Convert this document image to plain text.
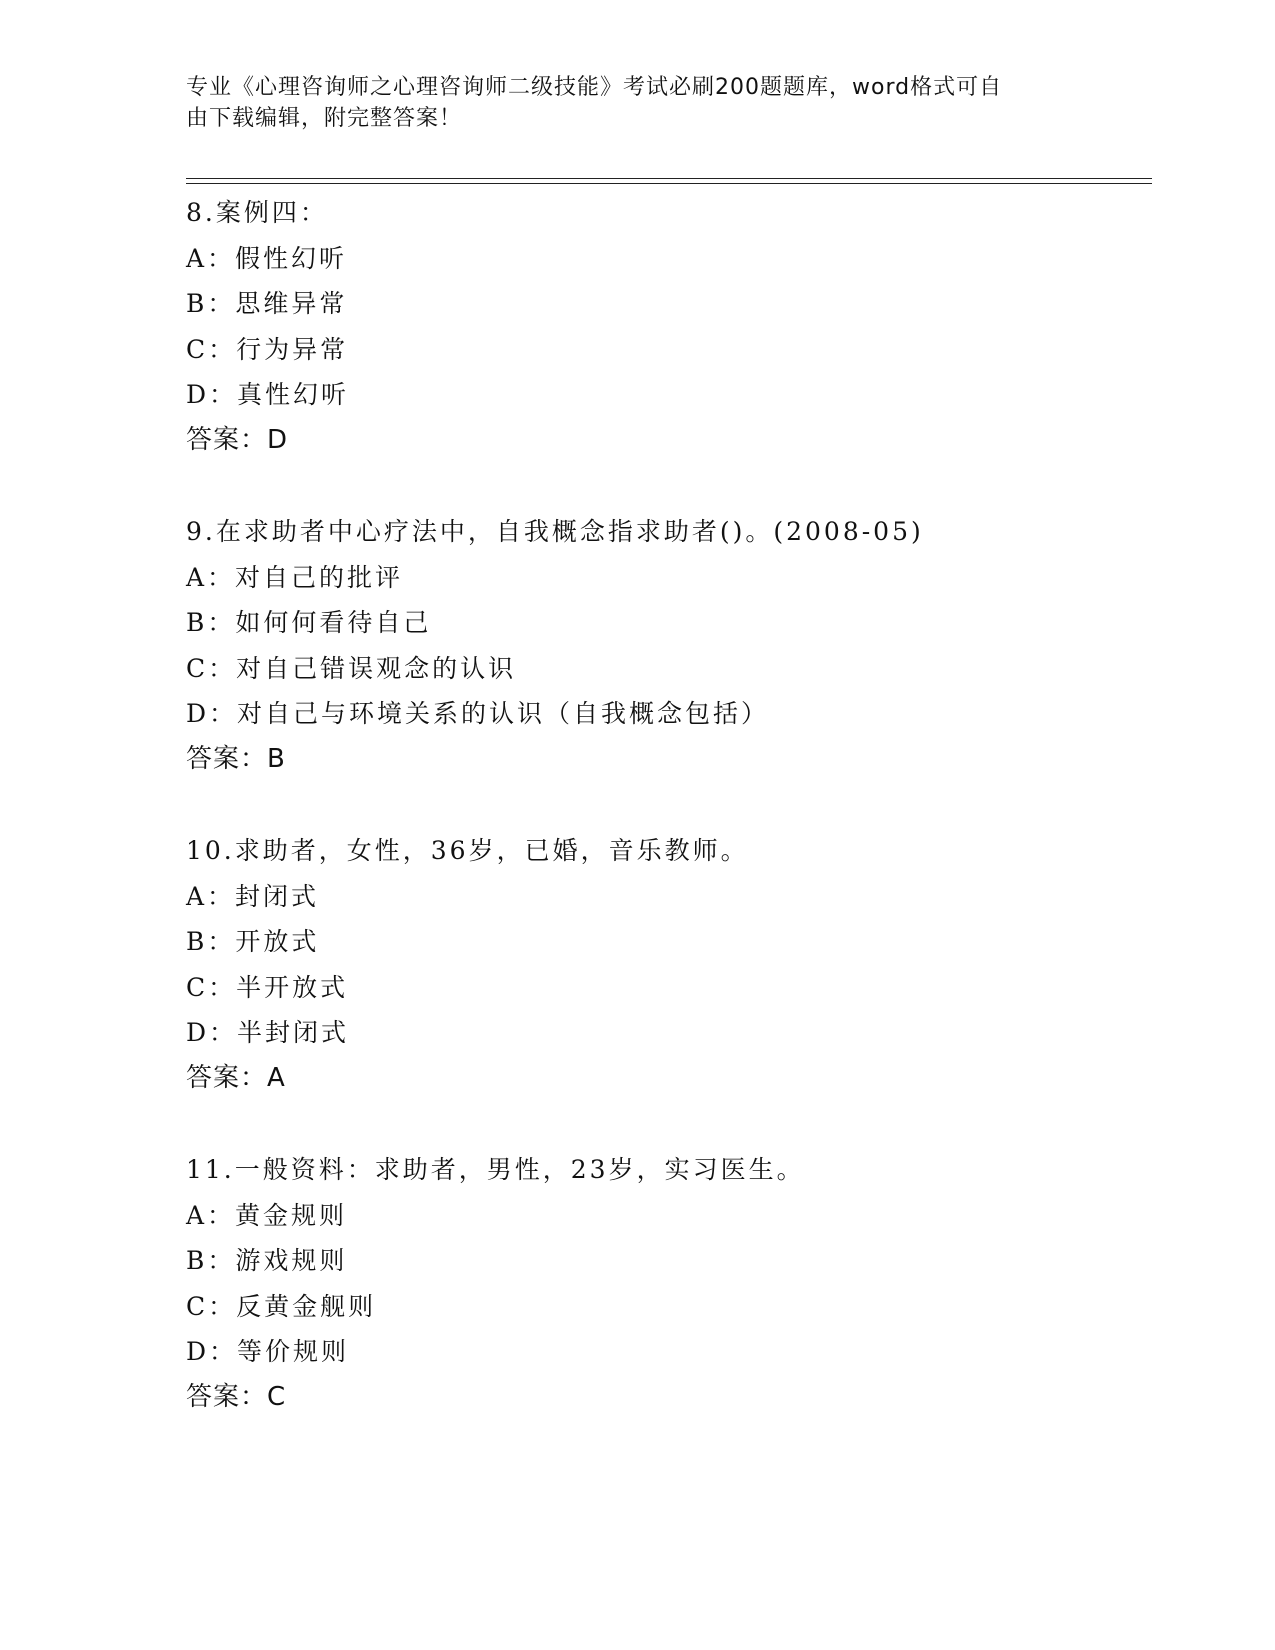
专业《心理咨询师之心理咨询师二级技能》考试必刷200题题库，word格式可自
由下载编辑，附完整答案！
8.案例四：
A：假性幻听
B：思维异常
C：行为异常
D：真性幻听
答案：D
9.在求助者中心疗法中，自我概念指求助者()。(2008-05)
A：对自己的批评
B：如何何看待自己
C：对自己错误观念的认识
D：对自己与环境关系的认识（自我概念包括）
答案：B
10.求助者，女性，36岁，已婚，音乐教师。
A：封闭式
B：开放式
C：半开放式
D：半封闭式
答案：A
11.一般资料：求助者，男性，23岁，实习医生。
A：黄金规则
B：游戏规则
C：反黄金舰则
D：等价规则
答案：C
